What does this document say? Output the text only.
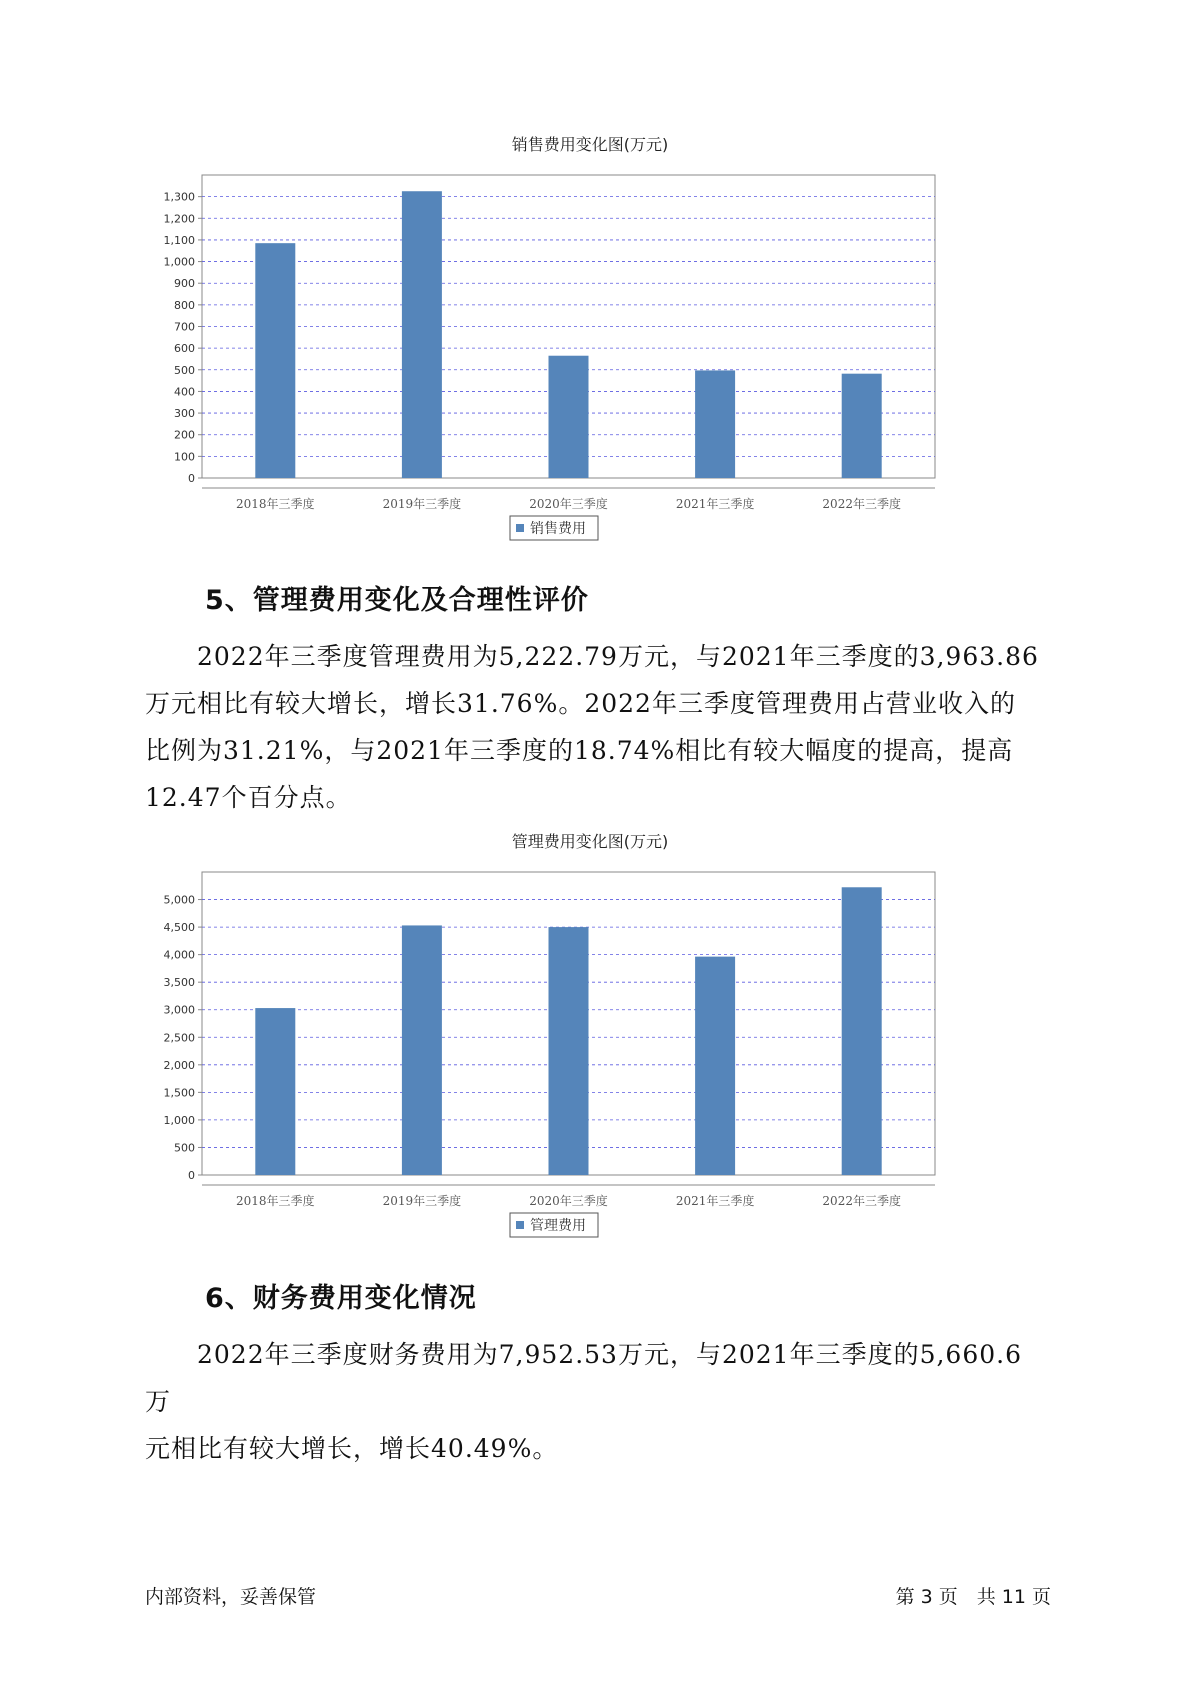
销售费用变化图(万元)
0
100
200
300
400
500
600
700
800
900
1,000
1,100
1,200
1,300
2018年三季度	2019年三季度	2020年三季度	2021年三季度	2022年三季度
销售费用
5、管理费用变化及合理性评价
2022年三季度管理费用为5,222.79万元，与2021年三季度的3,963.86
万元相比有较大增长，增长31.76%。2022年三季度管理费用占营业收入的
比例为31.21%，与2021年三季度的18.74%相比有较大幅度的提高，提高
12.47个百分点。
管理费用变化图(万元)
0
500
1,000
1,500
2,000
2,500
3,000
3,500
4,000
4,500
5,000
2018年三季度	2019年三季度	2020年三季度	2021年三季度	2022年三季度
管理费用
6、财务费用变化情况
2022年三季度财务费用为7,952.53万元，与2021年三季度的5,660.6万
元相比有较大增长，增长40.49%。
内部资料，妥善保管	第 3 页　共 11 页
